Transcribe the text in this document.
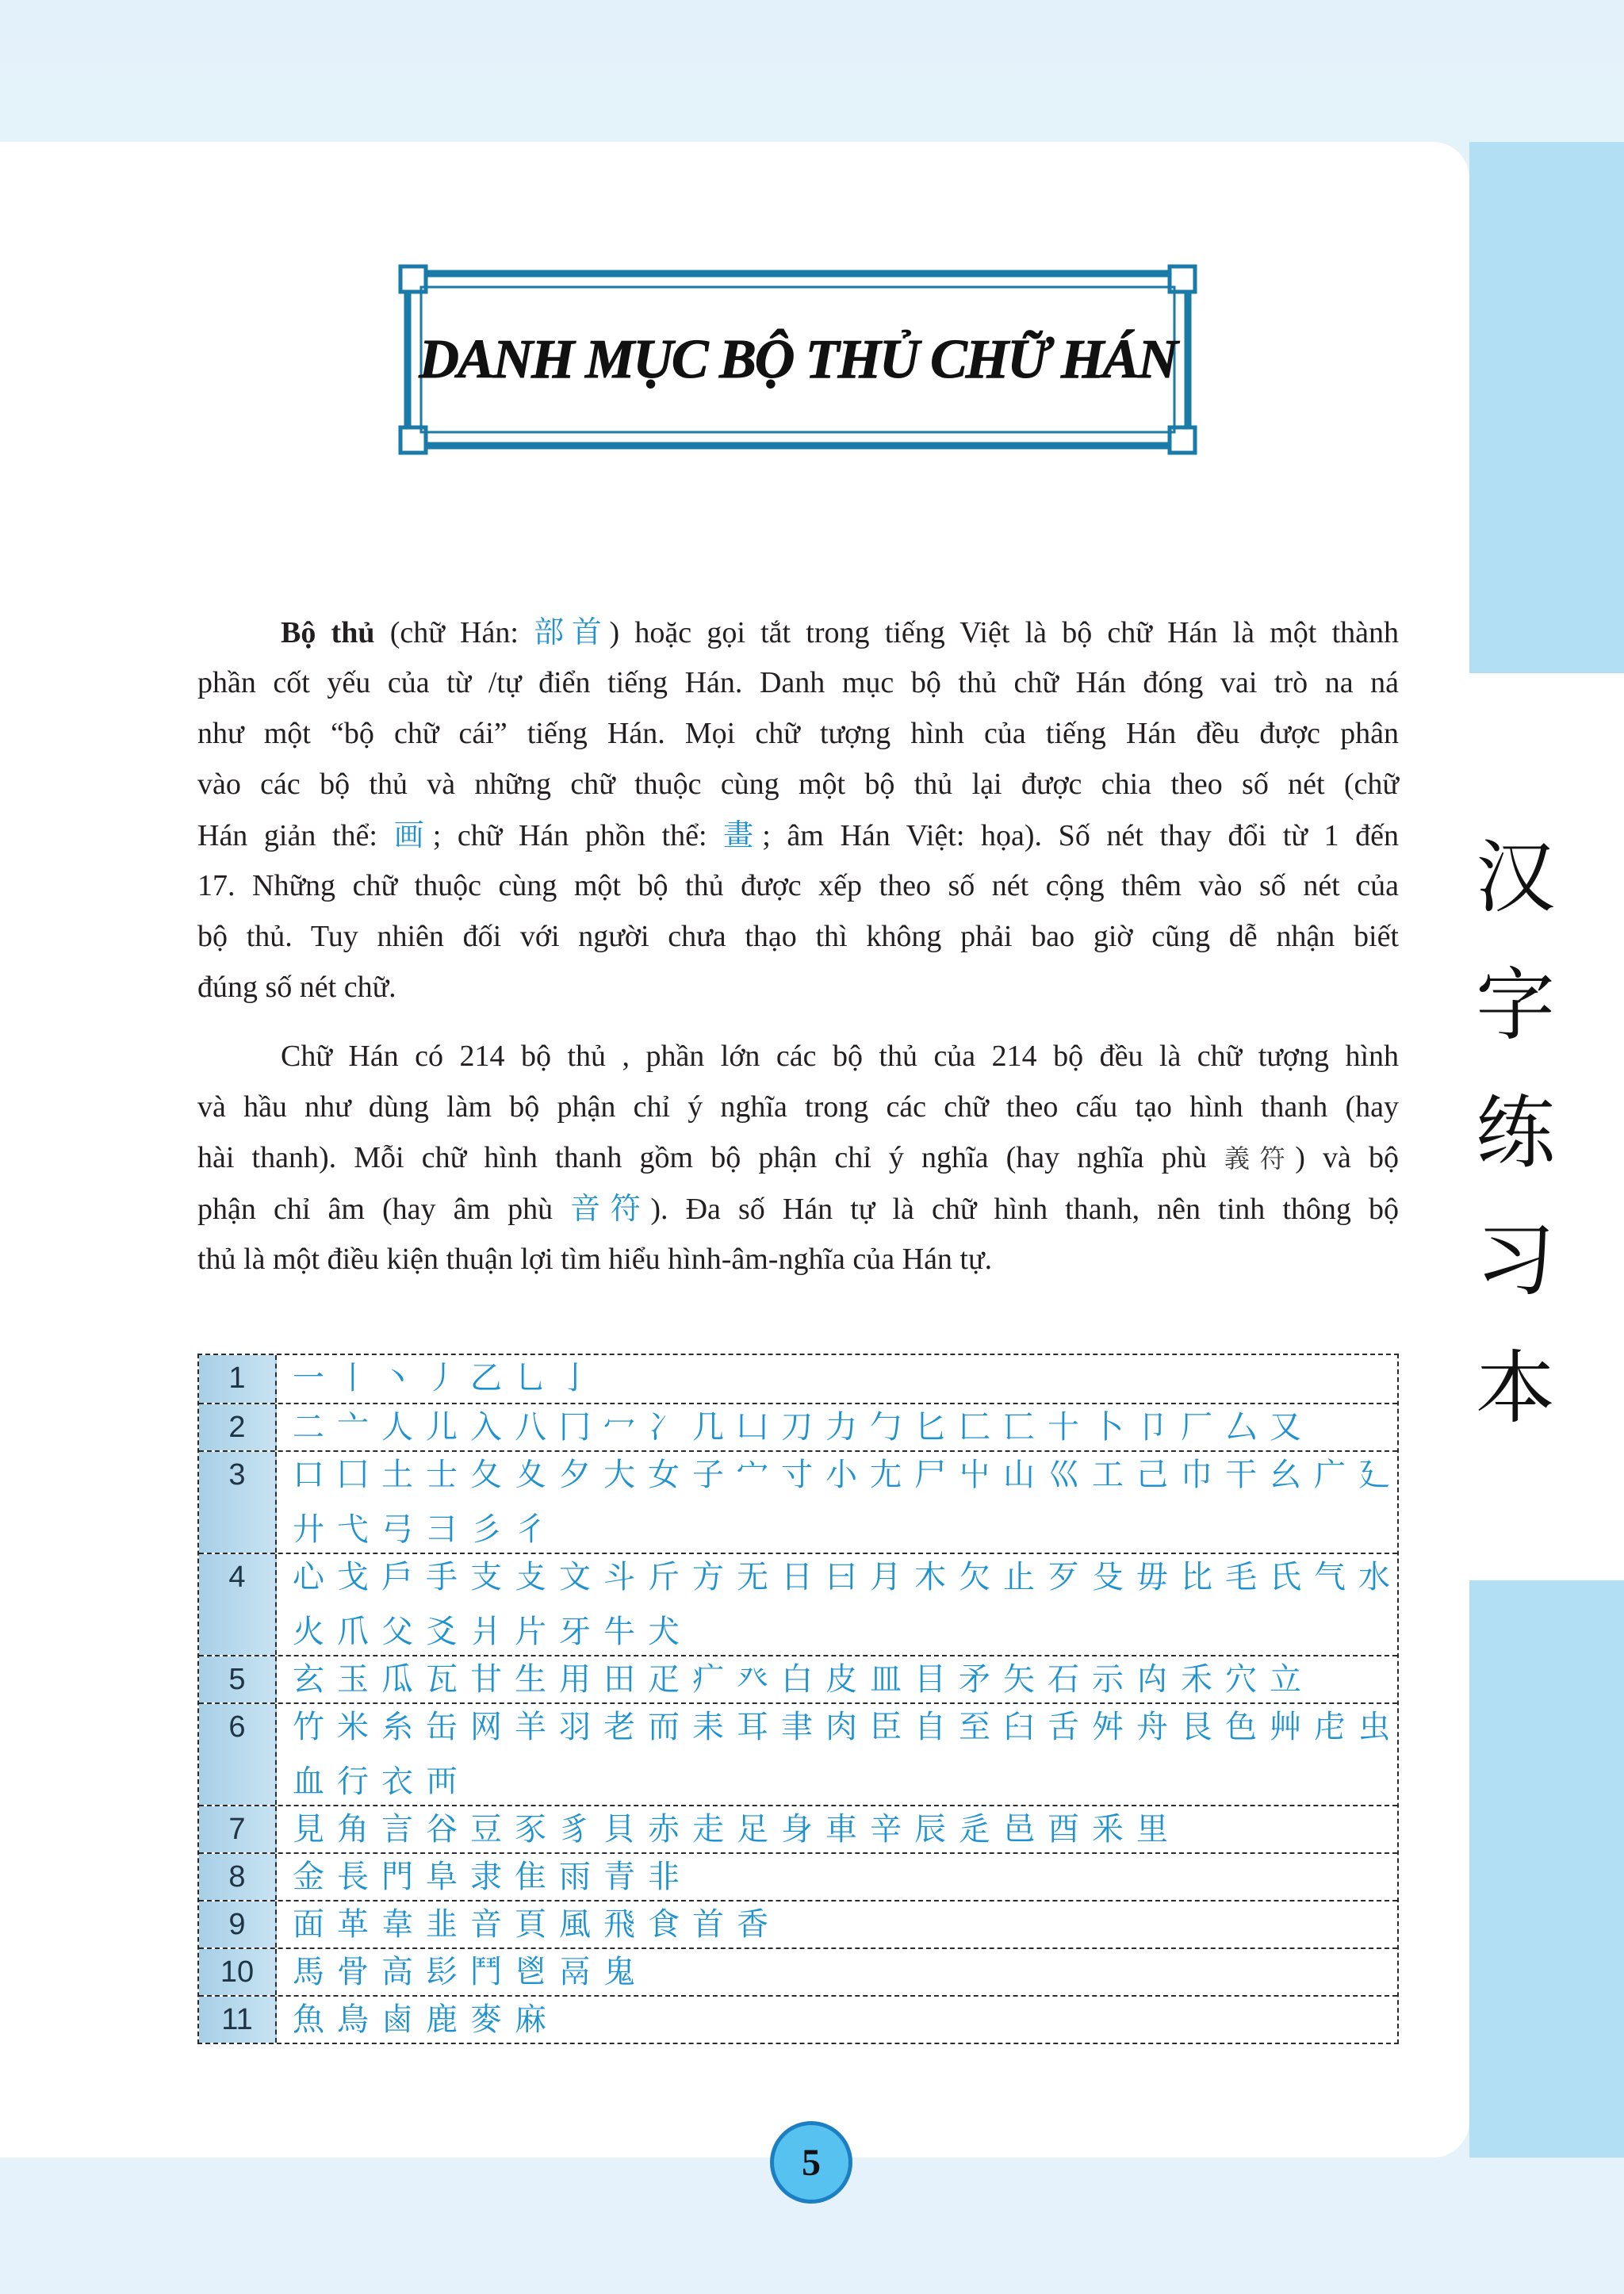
DANH MỤC BỘ THỦ CHỮ HÁN
Bộ thủ (chữ Hán: 部首) hoặc gọi tắt trong tiếng Việt là bộ chữ Hán là một thành
phần cốt yếu của từ /tự điển tiếng Hán. Danh mục bộ thủ chữ Hán đóng vai trò na ná
như một “bộ chữ cái” tiếng Hán. Mọi chữ tượng hình của tiếng Hán đều được phân
vào các bộ thủ và những chữ thuộc cùng một bộ thủ lại được chia theo số nét (chữ
Hán giản thể: 画; chữ Hán phồn thể: 畫; âm Hán Việt: họa). Số nét thay đổi từ 1 đến
17. Những chữ thuộc cùng một bộ thủ được xếp theo số nét cộng thêm vào số nét của
bộ thủ. Tuy nhiên đối với người chưa thạo thì không phải bao giờ cũng dễ nhận biết
đúng số nét chữ.
Chữ Hán có 214 bộ thủ , phần lớn các bộ thủ của 214 bộ đều là chữ tượng hình
và hầu như dùng làm bộ phận chỉ ý nghĩa trong các chữ theo cấu tạo hình thanh (hay
hài thanh). Mỗi chữ hình thanh gồm bộ phận chỉ ý nghĩa (hay nghĩa phù 義符) và bộ
phận chỉ âm (hay âm phù 音符). Đa số Hán tự là chữ hình thanh, nên tinh thông bộ
thủ là một điều kiện thuận lợi tìm hiểu hình-âm-nghĩa của Hán tự.
1	一 丨 丶 丿 乙 乚 亅
2	二 亠 人 儿 入 八 冂 冖 冫 几 凵 刀 力 勹 匕 匚 匸 十 卜 卩 厂 厶 又
3	口 囗 土 士 夂 夊 夕 大 女 子 宀 寸 小 尢 尸 屮 山 巛 工 己 巾 干 幺 广 廴
廾 弋 弓 彐 彡 彳
4	心 戈 戶 手 支 攴 文 斗 斤 方 无 日 曰 月 木 欠 止 歹 殳 毋 比 毛 氏 气 水
火 爪 父 爻 爿 片 牙 牛 犬
5	玄 玉 瓜 瓦 甘 生 用 田 疋 疒 癶 白 皮 皿 目 矛 矢 石 示 禸 禾 穴 立
6	竹 米 糸 缶 网 羊 羽 老 而 耒 耳 聿 肉 臣 自 至 臼 舌 舛 舟 艮 色 艸 虍 虫
血 行 衣 襾
7	見 角 言 谷 豆 豕 豸 貝 赤 走 足 身 車 辛 辰 辵 邑 酉 釆 里
8	金 長 門 阜 隶 隹 雨 青 非
9	面 革 韋 韭 音 頁 風 飛 食 首 香
10	馬 骨 高 髟 鬥 鬯 鬲 鬼
11	魚 鳥 鹵 鹿 麥 麻
汉
字
练
习
本
5
